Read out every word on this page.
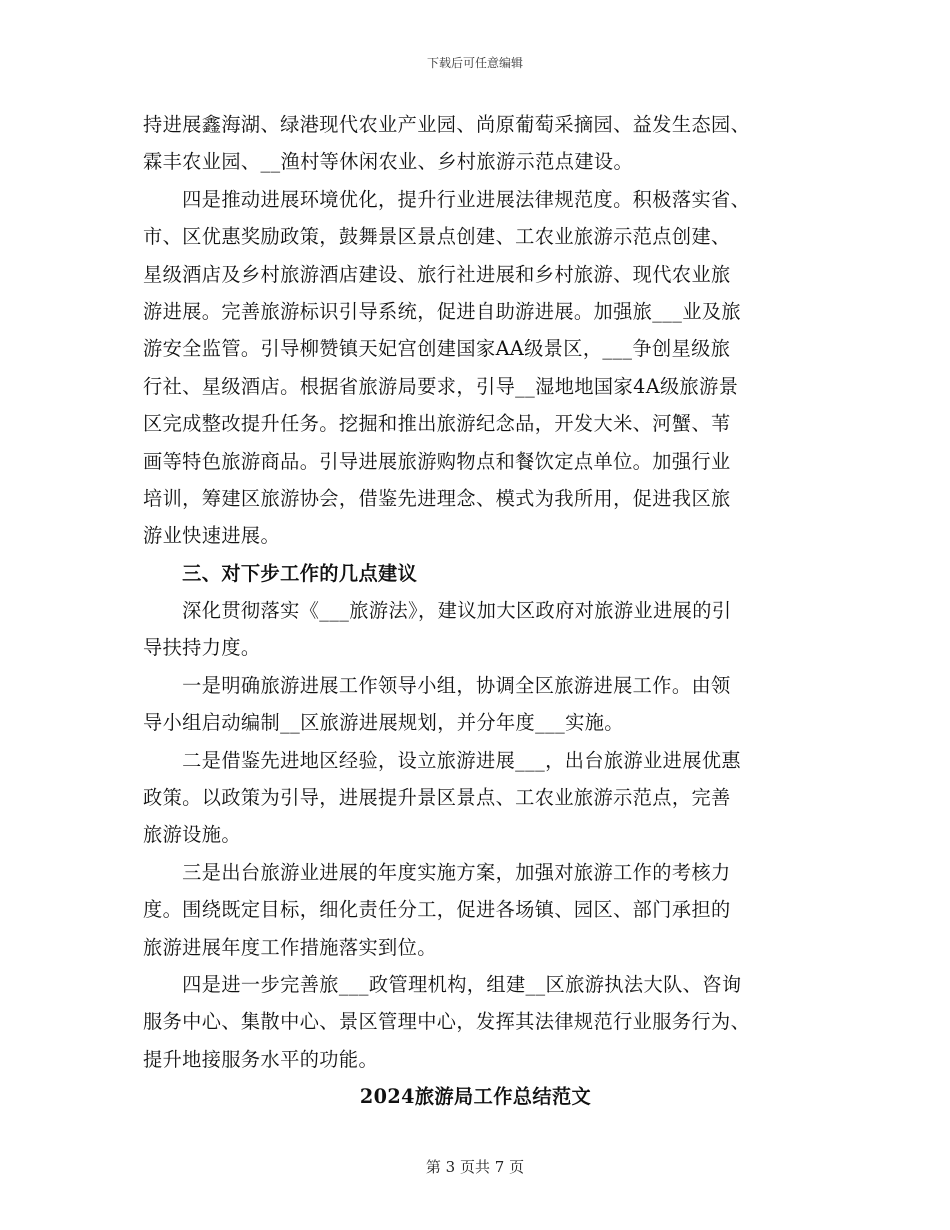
下载后可任意编辑
持进展鑫海湖、绿港现代农业产业园、尚原葡萄采摘园、益发生态园、
霖丰农业园、__渔村等休闲农业、乡村旅游示范点建设。
　　四是推动进展环境优化，提升行业进展法律规范度。积极落实省、
市、区优惠奖励政策，鼓舞景区景点创建、工农业旅游示范点创建、
星级酒店及乡村旅游酒店建设、旅行社进展和乡村旅游、现代农业旅
游进展。完善旅游标识引导系统，促进自助游进展。加强旅___业及旅
游安全监管。引导柳赞镇天妃宫创建国家AA级景区，___争创星级旅
行社、星级酒店。根据省旅游局要求，引导__湿地地国家4A级旅游景
区完成整改提升任务。挖掘和推出旅游纪念品，开发大米、河蟹、苇
画等特色旅游商品。引导进展旅游购物点和餐饮定点单位。加强行业
培训，筹建区旅游协会，借鉴先进理念、模式为我所用，促进我区旅
游业快速进展。
　　三、对下步工作的几点建议
　　深化贯彻落实《___旅游法》，建议加大区政府对旅游业进展的引
导扶持力度。
　　一是明确旅游进展工作领导小组，协调全区旅游进展工作。由领
导小组启动编制__区旅游进展规划，并分年度___实施。
　　二是借鉴先进地区经验，设立旅游进展___，出台旅游业进展优惠
政策。以政策为引导，进展提升景区景点、工农业旅游示范点，完善
旅游设施。
　　三是出台旅游业进展的年度实施方案，加强对旅游工作的考核力
度。围绕既定目标，细化责任分工，促进各场镇、园区、部门承担的
旅游进展年度工作措施落实到位。
　　四是进一步完善旅___政管理机构，组建__区旅游执法大队、咨询
服务中心、集散中心、景区管理中心，发挥其法律规范行业服务行为、
提升地接服务水平的功能。
2024旅游局工作总结范文
第 3 页共 7 页
